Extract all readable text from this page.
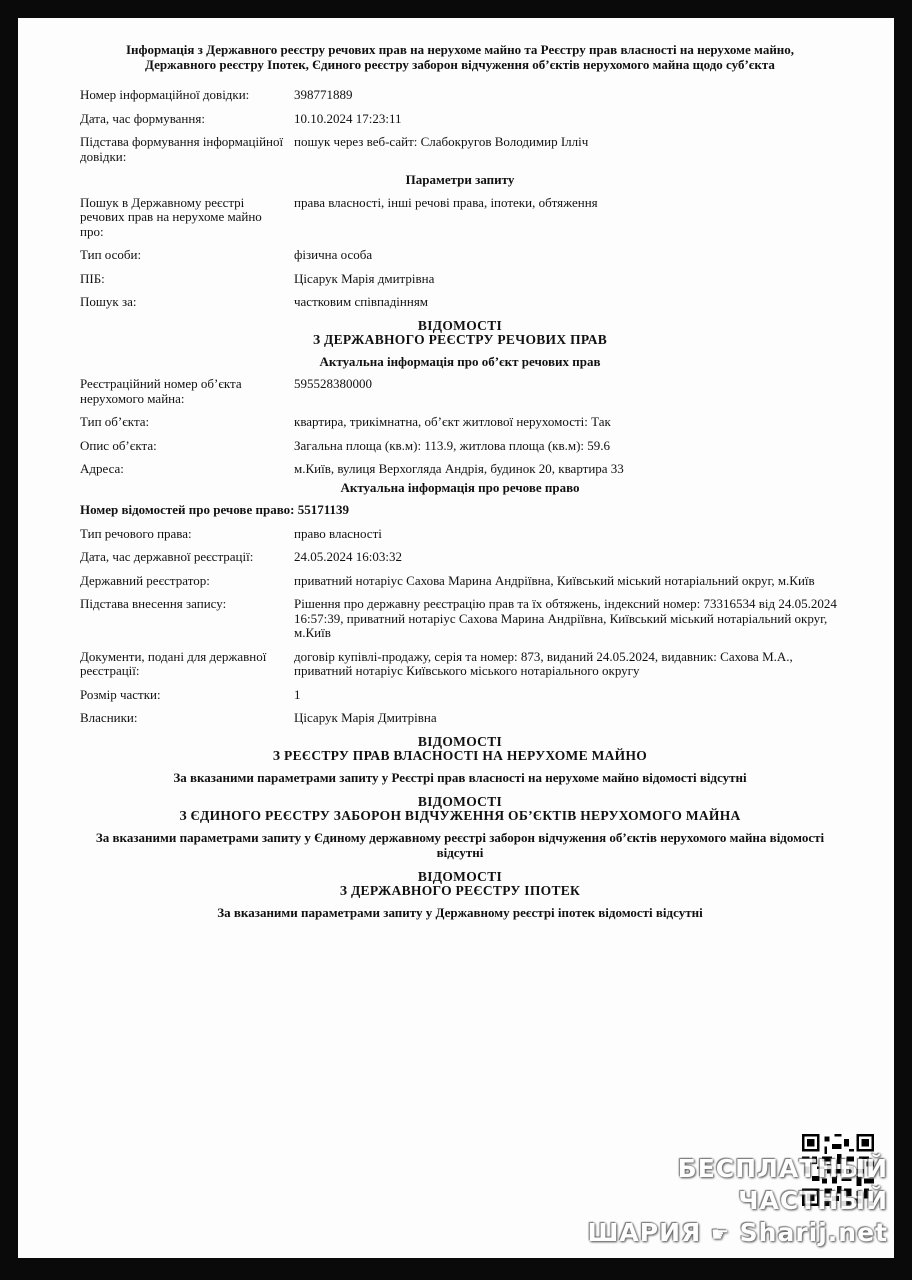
Інформація з Державного реєстру речових прав на нерухоме майно та Реєстру прав власності на нерухоме майно,
Державного реєстру Іпотек, Єдиного реєстру заборон відчуження об’єктів нерухомого майна щодо суб’єкта
Номер інформаційної довідки:	398771889
Дата, час формування:	10.10.2024 17:23:11
Підстава формування інформаційної довідки:
пошук через веб-сайт: Слабокругов Володимир Ілліч
Параметри запиту
Пошук в Державному реєстрі речових прав на нерухоме майно про:
права власності, інші речові права, іпотеки, обтяження
Тип особи:	фізична особа
ПІБ:	Цісарук Марія дмитрівна
Пошук за:	частковим співпадінням
ВІДОМОСТІ
З ДЕРЖАВНОГО РЕЄСТРУ РЕЧОВИХ ПРАВ
Актуальна інформація про об’єкт речових прав
Реєстраційний номер об’єкта нерухомого майна:
595528380000
Тип об’єкта:	квартира, трикімнатна, об’єкт житлової нерухомості: Так
Опис об’єкта:	Загальна площа (кв.м): 113.9, житлова площа (кв.м): 59.6
Адреса:	м.Київ, вулиця Верхогляда Андрія, будинок 20, квартира 33
Актуальна інформація про речове право
Номер відомостей про речове право: 55171139
Тип речового права:	право власності
Дата, час державної реєстрації:	24.05.2024 16:03:32
Державний реєстратор:	приватний нотаріус Сахова Марина Андріївна, Київський міський нотаріальний округ, м.Київ
Підстава внесення запису:	Рішення про державну реєстрацію прав та їх обтяжень, індексний номер: 73316534 від 24.05.2024 16:57:39, приватний нотаріус Сахова Марина Андріївна, Київський міський нотаріальний округ, м.Київ
Документи, подані для державної реєстрації:
договір купівлі-продажу, серія та номер: 873, виданий 24.05.2024, видавник: Сахова М.А., приватний нотаріус Київського міського нотаріального округу
Розмір частки:	1
Власники:	Цісарук Марія Дмитрівна
ВІДОМОСТІ
З РЕЄСТРУ ПРАВ ВЛАСНОСТІ НА НЕРУХОМЕ МАЙНО
За вказаними параметрами запиту у Реєстрі прав власності на нерухоме майно відомості відсутні
ВІДОМОСТІ
З ЄДИНОГО РЕЄСТРУ ЗАБОРОН ВІДЧУЖЕННЯ ОБ’ЄКТІВ НЕРУХОМОГО МАЙНА
За вказаними параметрами запиту у Єдиному державному реєстрі заборон відчуження об’єктів нерухомого майна відомості відсутні
ВІДОМОСТІ
З ДЕРЖАВНОГО РЕЄСТРУ ІПОТЕК
За вказаними параметрами запиту у Державному реєстрі іпотек відомості відсутні
БЕСПЛАТНЫЙ ЧАСТНЫЙ
ШАРИЯ ☛ Sharij.net
